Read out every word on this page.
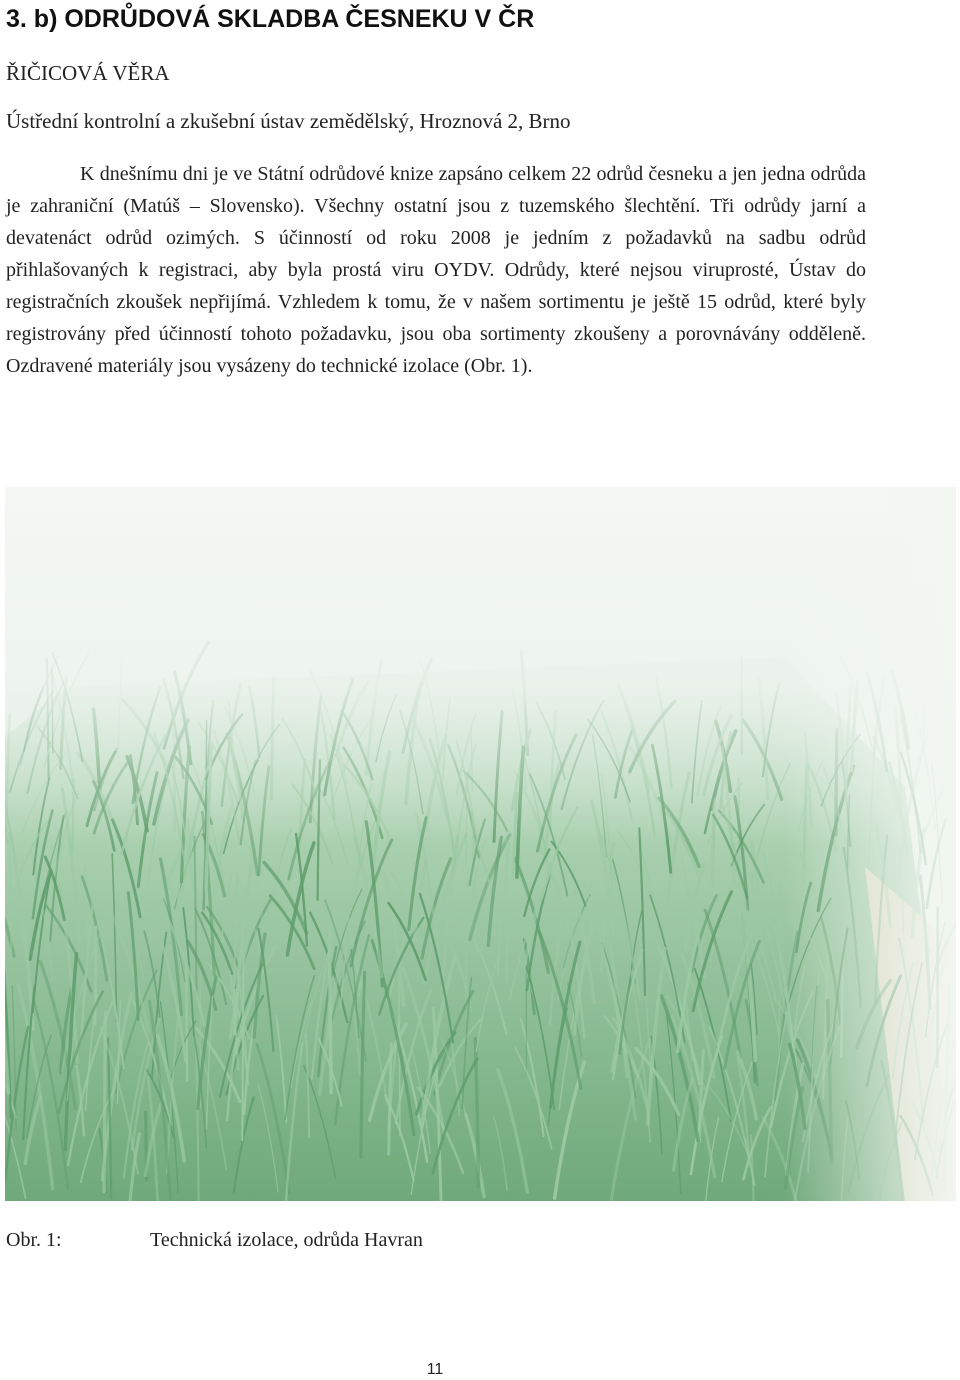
3. b) ODRŮDOVÁ SKLADBA ČESNEKU V ČR
ŘIČICOVÁ VĚRA
Ústřední kontrolní a zkušební ústav zemědělský, Hroznová 2, Brno

K dnešnímu dni je ve Státní odrůdové knize zapsáno celkem 22 odrůd česneku a jen jedna odrůda je zahraniční (Matúš – Slovensko). Všechny ostatní jsou z tuzemského šlechtění. Tři odrůdy jarní a devatenáct odrůd ozimých. S účinností od roku 2008 je jedním z požadavků na sadbu odrůd přihlašovaných k registraci, aby byla prostá viru OYDV. Odrůdy, které nejsou viruprosté, Ústav do registračních zkoušek nepřijímá. Vzhledem k tomu, že v našem sortimentu je ještě 15 odrůd, které byly registrovány před účinností tohoto požadavku, jsou oba sortimenty zkoušeny a porovnávány odděleně. Ozdravené materiály jsou vysázeny do technické izolace (Obr. 1).

Obr. 1:	Technická izolace, odrůda Havran
11
